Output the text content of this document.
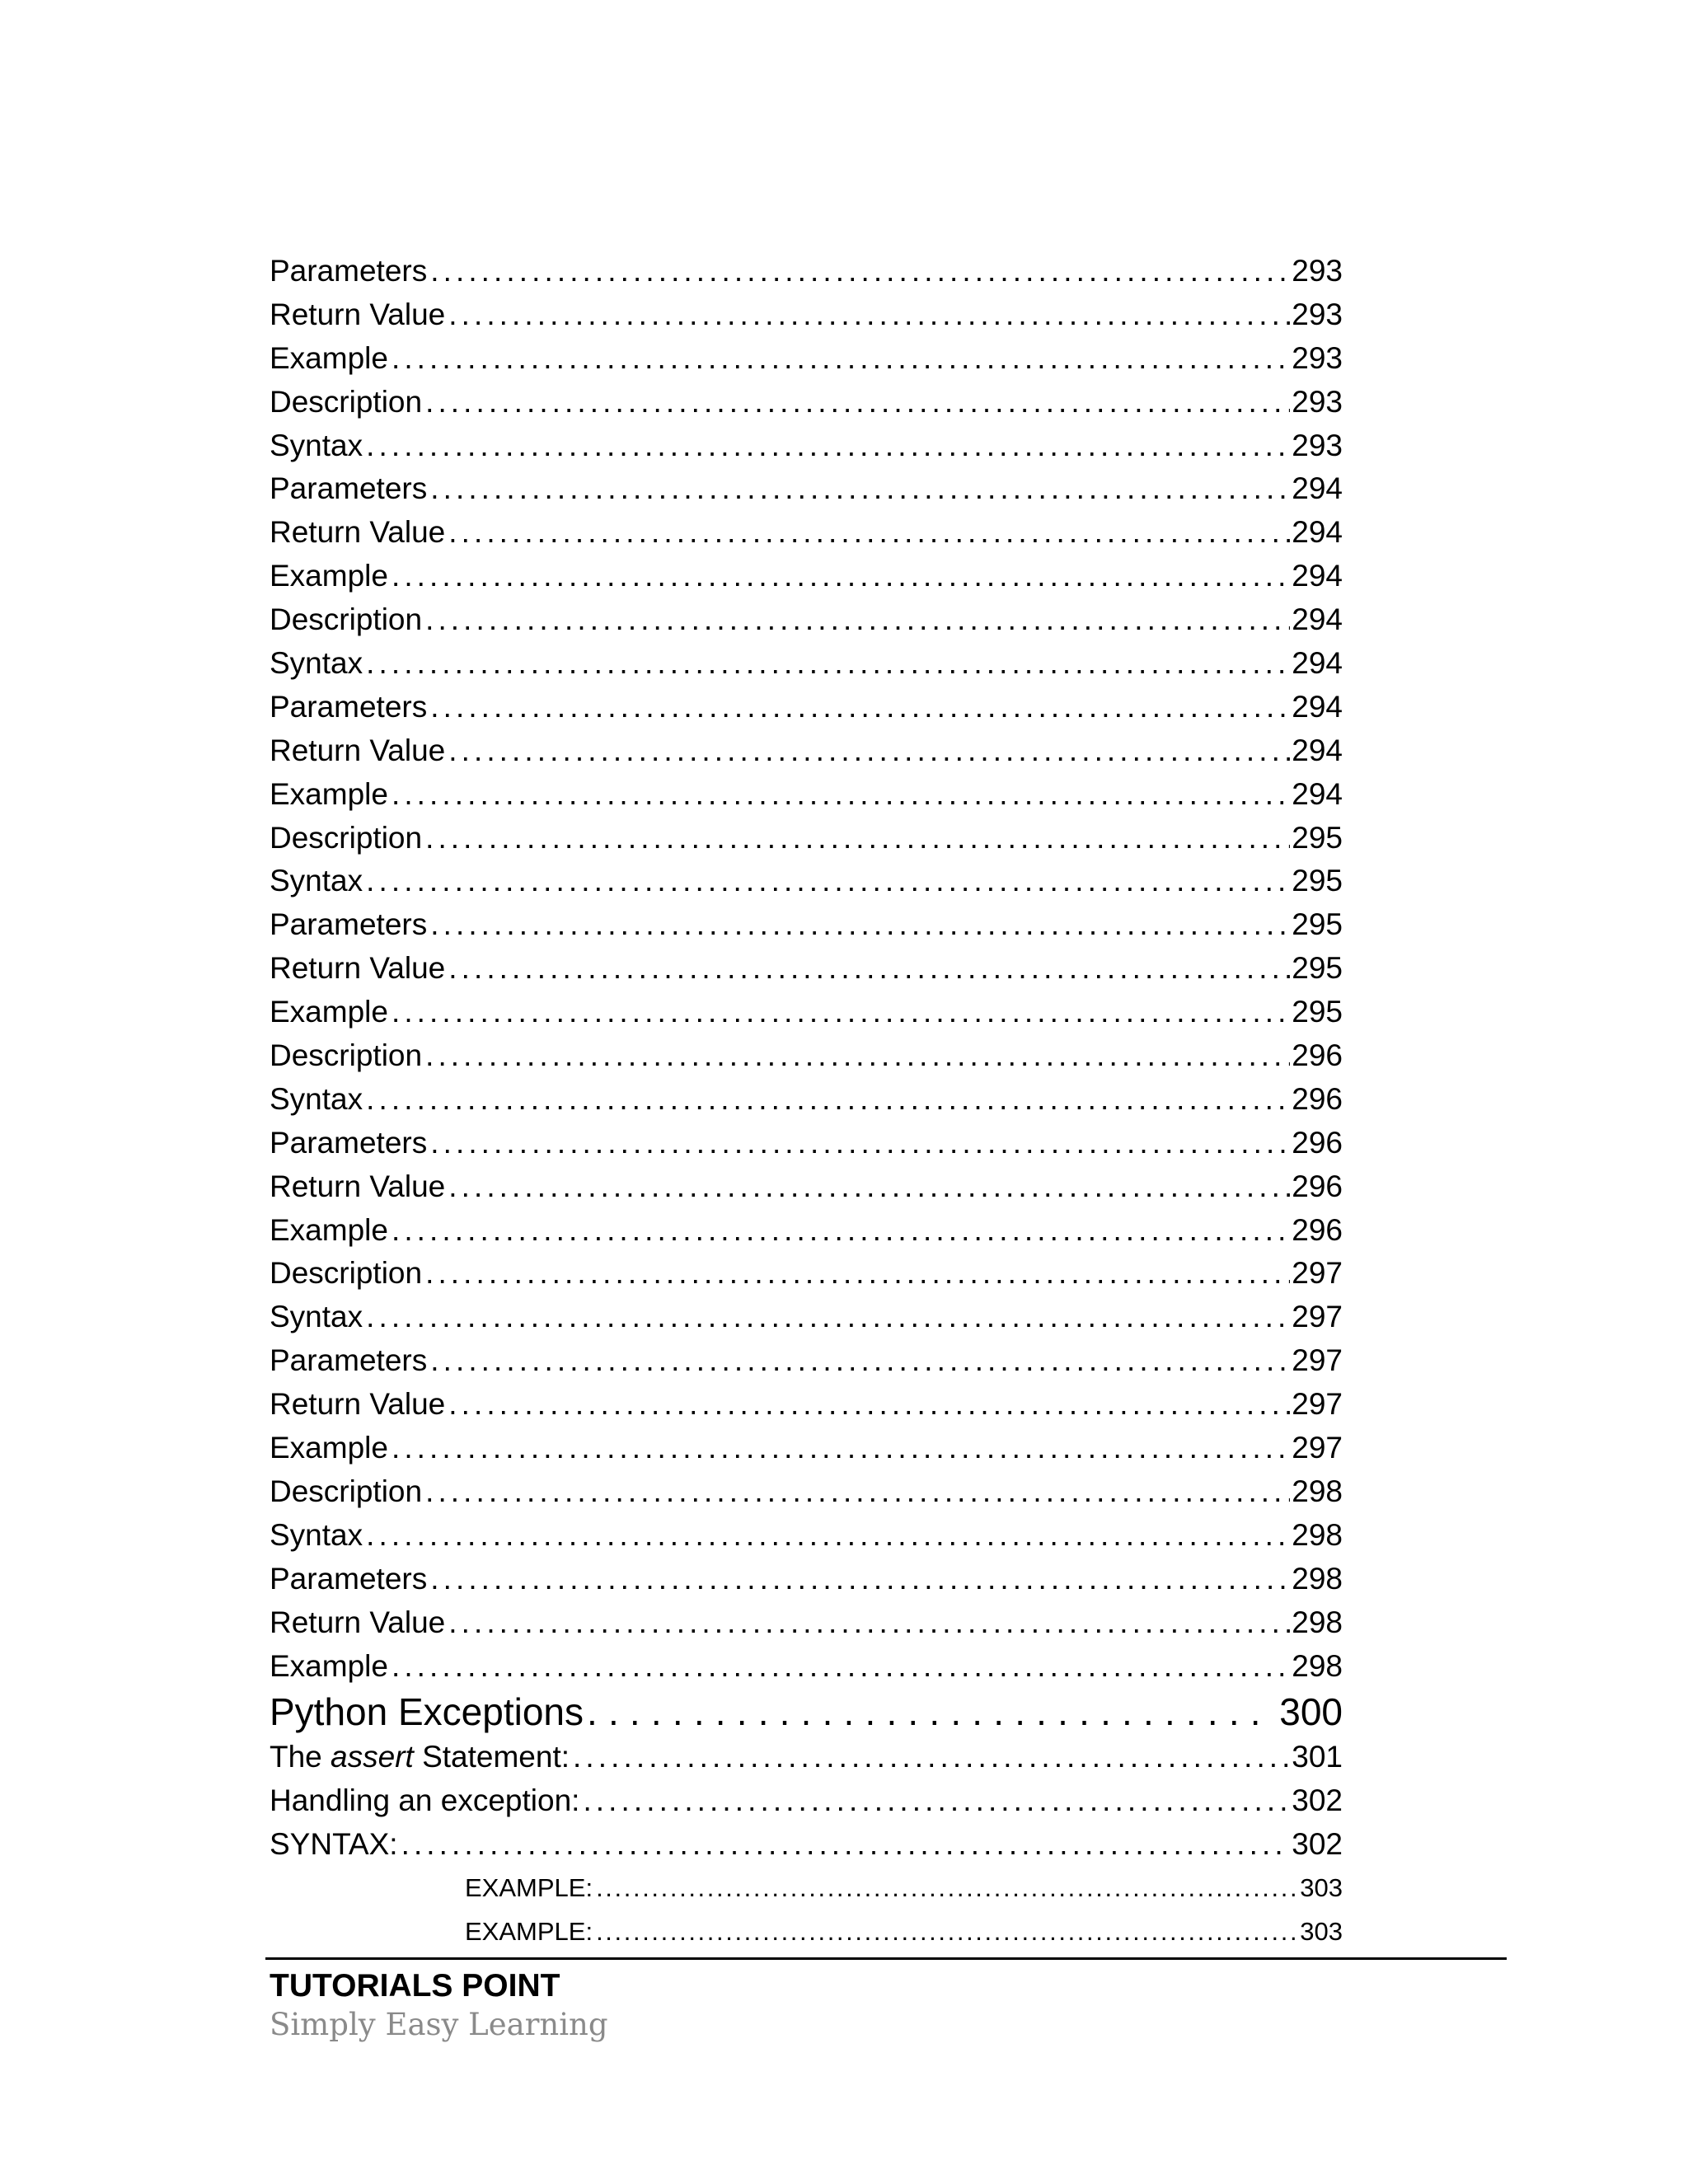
Parameters . . .	293
Return Value . . .	293
Example . . .	293
Description . . .	293
Syntax . . .	293
Parameters . . .	294
Return Value . . .	294
Example . . .	294
Description . . .	294
Syntax . . .	294
Parameters . . .	294
Return Value . . .	294
Example . . .	294
Description . . .	295
Syntax . . .	295
Parameters . . .	295
Return Value . . .	295
Example . . .	295
Description . . .	296
Syntax . . .	296
Parameters . . .	296
Return Value . . .	296
Example . . .	296
Description . . .	297
Syntax . . .	297
Parameters . . .	297
Return Value . . .	297
Example . . .	297
Description . . .	298
Syntax . . .	298
Parameters . . .	298
Return Value . . .	298
Example . . .	298
Python Exceptions . . .	300
The assert Statement: . . .	301
Handling an exception: . . .	302
SYNTAX: . . .	302
EXAMPLE: . . .	303
EXAMPLE: . . .	303
TUTORIALS POINT
Simply Easy Learning
